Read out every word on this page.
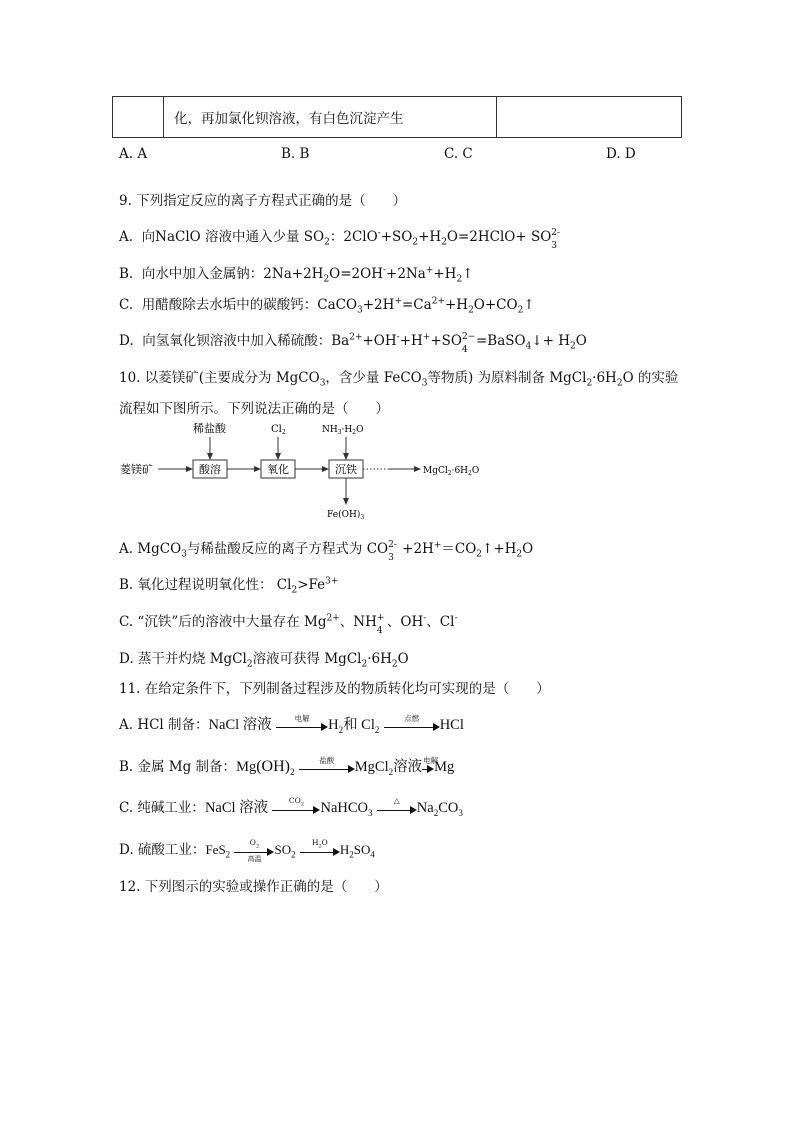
	化，再加氯化钡溶液，有白色沉淀产生	
A. A	B. B	C. C	D. D
9. 下列指定反应的离子方程式正确的是（　　）
A. 向NaClO 溶液中通入少量 $SO_2$：$2ClO^-+SO_2+H_2O=2HClO+$ SO 2-
3
B. 向水中加入金属钠：$2Na+2H_2O=2OH^-+2Na^++H_2↑$
C. 用醋酸除去水垢中的碳酸钙：$CaCO_3+2H^+=Ca^{2+}+H_2O+CO_2↑$
D. 向氢氧化钡溶液中加入稀硫酸：$Ba^{2+}+OH^-+H^++SO$ 2−
4
=BaSO$_4$↓+ $H_2O$
10. 以菱镁矿(主要成分为 MgCO$_3$，含少量 FeCO$_3$等物质) 为原料制备 $MgCl_2\cdot 6H_2O$ 的实验
流程如下图所示。下列说法正确的是（　　）
菱镁矿	酸溶	氧化	沉铁	$MgCl_2\cdot 6H_2O$
稀盐酸	$Cl_2$	$NH_3\cdot H_2O$
$Fe(OH)_3$
A. MgCO$_3$与稀盐酸反应的离子方程式为 CO 2-
3
$+2H^+=CO_2↑+H_2O$
B. 氧化过程说明氧化性： $Cl_2>Fe^{3+}$
C. “沉铁”后的溶液中大量存在 $Mg^{2+}$、NH +
4
、OH-、Cl-
D. 蒸干并灼烧 MgCl$_2$溶液可获得 $MgCl_2\cdot 6H_2O$
11. 在给定条件下，下列制备过程涉及的物质转化均可实现的是（　　）
A. HCl 制备：NaCl 溶液	电解	$H_2$和 $Cl_2$
点燃	HCl
B. 金属 Mg 制备：$Mg(OH)_2$
盐酸	MgCl$_2$溶液 电解
Mg
C. 纯碱工业：NaCl 溶液	$CO_2$	NaHCO$_3$
△	$Na_2CO_3$
D. 硫酸工业：FeS$_2$
$O_2$
高温
$SO_2$
$H_2O$ $H_2SO_4$
12. 下列图示的实验或操作正确的是（　　）
